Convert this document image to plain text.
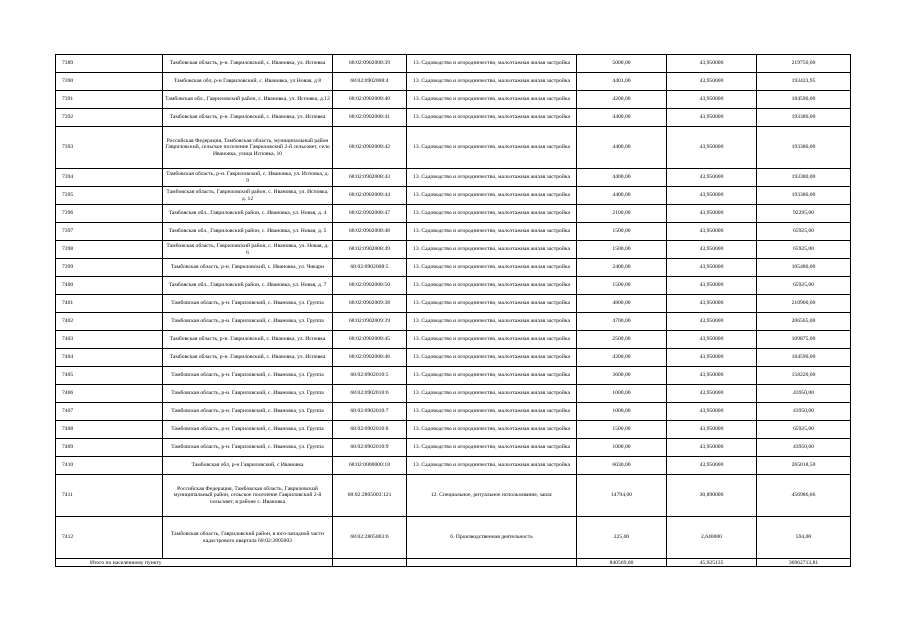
7389	Тамбовская область, р-н. Гавриловский, с. Ивановка, ул. Исповка	68:02:0902008:39	13. Садоводство и огородничество, малоэтажная жилая застройка	5000,00	43,950000	219750,00
7390	Тамбовская обл, р-н Гавриловский, с. Ивановка, ул Новая, д 8	68:02:0902008:4	13. Садоводство и огородничество, малоэтажная жилая застройка	4401,00	43,950000	193423,95
7391	Тамбовская обл., Гавриловский район, с. Ивановка, ул. Исповка, д.12	68:02:0902008:40	13. Садоводство и огородничество, малоэтажная жилая застройка	4200,00	43,950000	184590,00
7392	Тамбовская область, р-н. Гавриловский, с. Ивановка, ул. Исповка	68:02:0902008:41	13. Садоводство и огородничество, малоэтажная жилая застройка	4400,00	43,950000	193380,00
7393	Российская Федерация, Тамбовская область, муниципальный район Гавриловский, сельское поселение Гавриловский 2-й сельсовет, село Ивановка, улица Исповка, 10	68:02:0902008:42	13. Садоводство и огородничество, малоэтажная жилая застройка	4400,00	43,950000	193380,00
7394	Тамбовская область, р-н. Гавриловский, с. Ивановка, ул. Исповка, д. 9	68:02:0902008:43	13. Садоводство и огородничество, малоэтажная жилая застройка	4400,00	43,950000	193380,00
7395	Тамбовская область, Гавриловский район, с. Ивановка, ул. Исповка, д. 12	68:02:0902008:44	13. Садоводство и огородничество, малоэтажная жилая застройка	4400,00	43,950000	193380,00
7396	Тамбовская обл., Гавриловский район, с. Ивановка, ул. Новая, д. 4	68:02:0902008:47	13. Садоводство и огородничество, малоэтажная жилая застройка	2100,00	43,950000	92295,00
7397	Тамбовская обл., Гавриловский район, с. Ивановка, ул. Новая, д. 5	68:02:0902008:48	13. Садоводство и огородничество, малоэтажная жилая застройка	1500,00	43,950000	65925,00
7398	Тамбовская область, Гавриловский район, с. Ивановка, ул. Новая, д. 6	68:02:0902008:49	13. Садоводство и огородничество, малоэтажная жилая застройка	1500,00	43,950000	65925,00
7399	Тамбовская область, р-н. Гавриловский, с. Ивановка, ул. Чикари	68:02:0902008:5	13. Садоводство и огородничество, малоэтажная жилая застройка	2400,00	43,950000	105480,00
7400	Тамбовская обл., Гавриловский район, с. Ивановка, ул. Новая, д. 7	68:02:0902008:50	13. Садоводство и огородничество, малоэтажная жилая застройка	1500,00	43,950000	65925,00
7401	Тамбовская область, р-н. Гавриловский, с. Ивановка, ул. Группа	68:02:0902009:38	13. Садоводство и огородничество, малоэтажная жилая застройка	4800,00	43,950000	210960,00
7402	Тамбовская область, р-н. Гавриловский, с. Ивановка, ул. Группа	68:02:0902009:39	13. Садоводство и огородничество, малоэтажная жилая застройка	4700,00	43,950000	206565,00
7403	Тамбовская область, р-н. Гавриловский, с. Ивановка, ул. Исповка	68:02:0902008:45	13. Садоводство и огородничество, малоэтажная жилая застройка	2500,00	43,950000	109875,00
7404	Тамбовская область, р-н. Гавриловский, с. Ивановка, ул. Исповка	68:02:0902008:46	13. Садоводство и огородничество, малоэтажная жилая застройка	4200,00	43,950000	184590,00
7405	Тамбовская область, р-н. Гавриловский, с. Ивановка, ул. Группа	68:02:0902010:5	13. Садоводство и огородничество, малоэтажная жилая застройка	3600,00	43,950000	158220,00
7406	Тамбовская область, р-н. Гавриловский, с. Ивановка, ул. Группа	68:02:0902010:6	13. Садоводство и огородничество, малоэтажная жилая застройка	1000,00	43,950000	43950,00
7407	Тамбовская область, р-н. Гавриловский, с. Ивановка, ул. Группа	68:02:0902010:7	13. Садоводство и огородничество, малоэтажная жилая застройка	1000,00	43,950000	43950,00
7408	Тамбовская область, р-н. Гавриловский, с. Ивановка, ул. Группа	68:02:0902010:8	13. Садоводство и огородничество, малоэтажная жилая застройка	1500,00	43,950000	65925,00
7409	Тамбовская область, р-н. Гавриловский, с. Ивановка, ул. Группа	68:02:0902010:9	13. Садоводство и огородничество, малоэтажная жилая застройка	1000,00	43,950000	43950,00
7410	Тамбовская обл, р-н Гавриловский, с Ивановка	68:02:0000000:18	13. Садоводство и огородничество, малоэтажная жилая застройка	6030,00	43,950000	265018,50
7411	Российская Федерация, Тамбовская область, Гавриловский муниципальный район, сельское поселение Гавриловский 2-й сельсовет, в районе с. Ивановка	68:02:2805003:121	12. Специальное, ритуальное использование, запас	14794,00	30,890000	456986,66
7412	Тамбовская область, Гавриловский район, в юго-западной части кадастрового квартала 68:02:2805003	68:02:2805003:6	6. Производственная деятельность	225,00	2,640000	594,00
Итого по населенному пункту				840569,00	45,925135	36962713,81
